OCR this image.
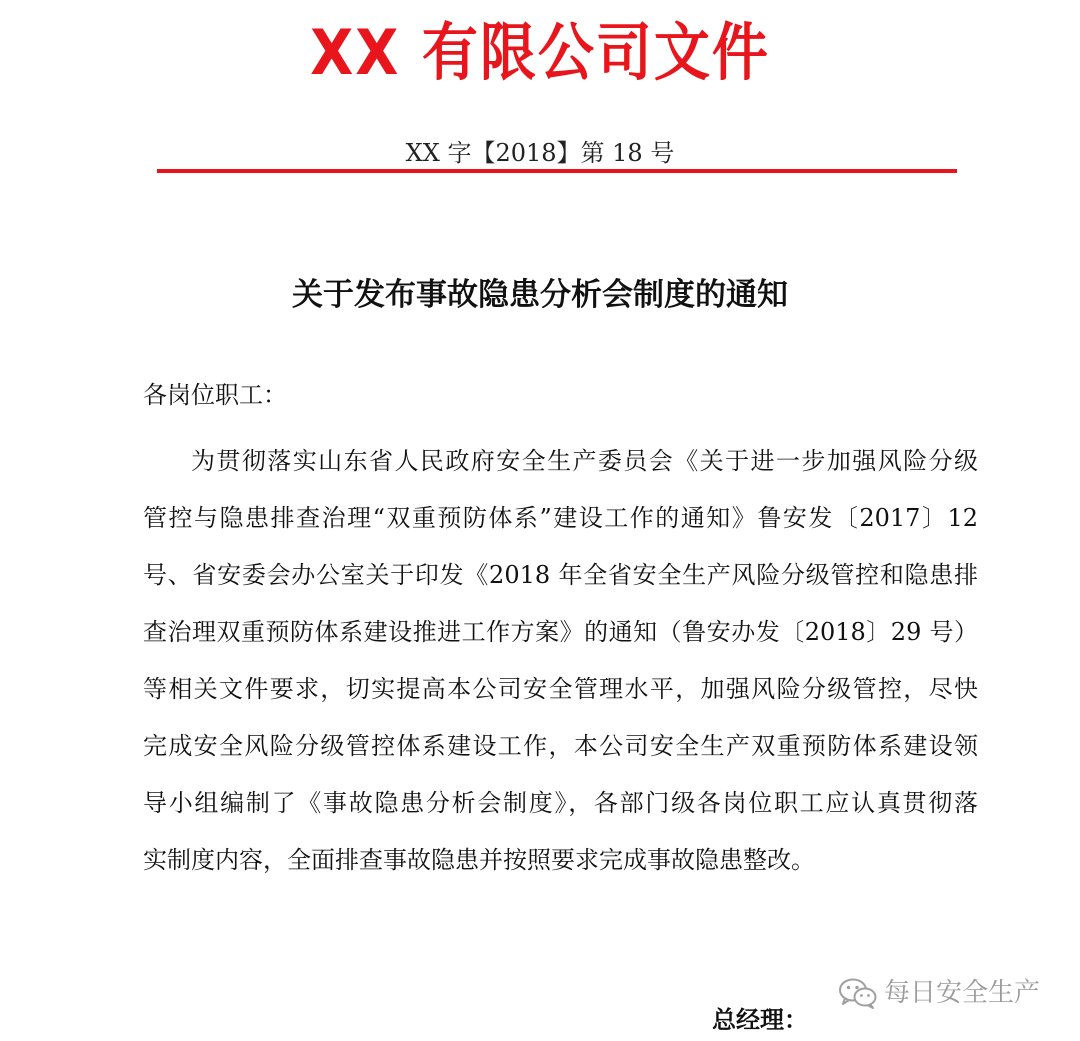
XX 有限公司文件
XX 字【2018】第 18 号
关于发布事故隐患分析会制度的通知
各岗位职工：
为贯彻落实山东省人民政府安全生产委员会《关于进一步加强风险分级
管控与隐患排查治理“双重预防体系”建设工作的通知》鲁安发〔2017〕12
号、省安委会办公室关于印发《2018 年全省安全生产风险分级管控和隐患排
查治理双重预防体系建设推进工作方案》的通知（鲁安办发〔2018〕29 号）
等相关文件要求，切实提高本公司安全管理水平，加强风险分级管控，尽快
完成安全风险分级管控体系建设工作，本公司安全生产双重预防体系建设领
导小组编制了《事故隐患分析会制度》，各部门级各岗位职工应认真贯彻落
实制度内容，全面排查事故隐患并按照要求完成事故隐患整改。
每日安全生产
总经理：
